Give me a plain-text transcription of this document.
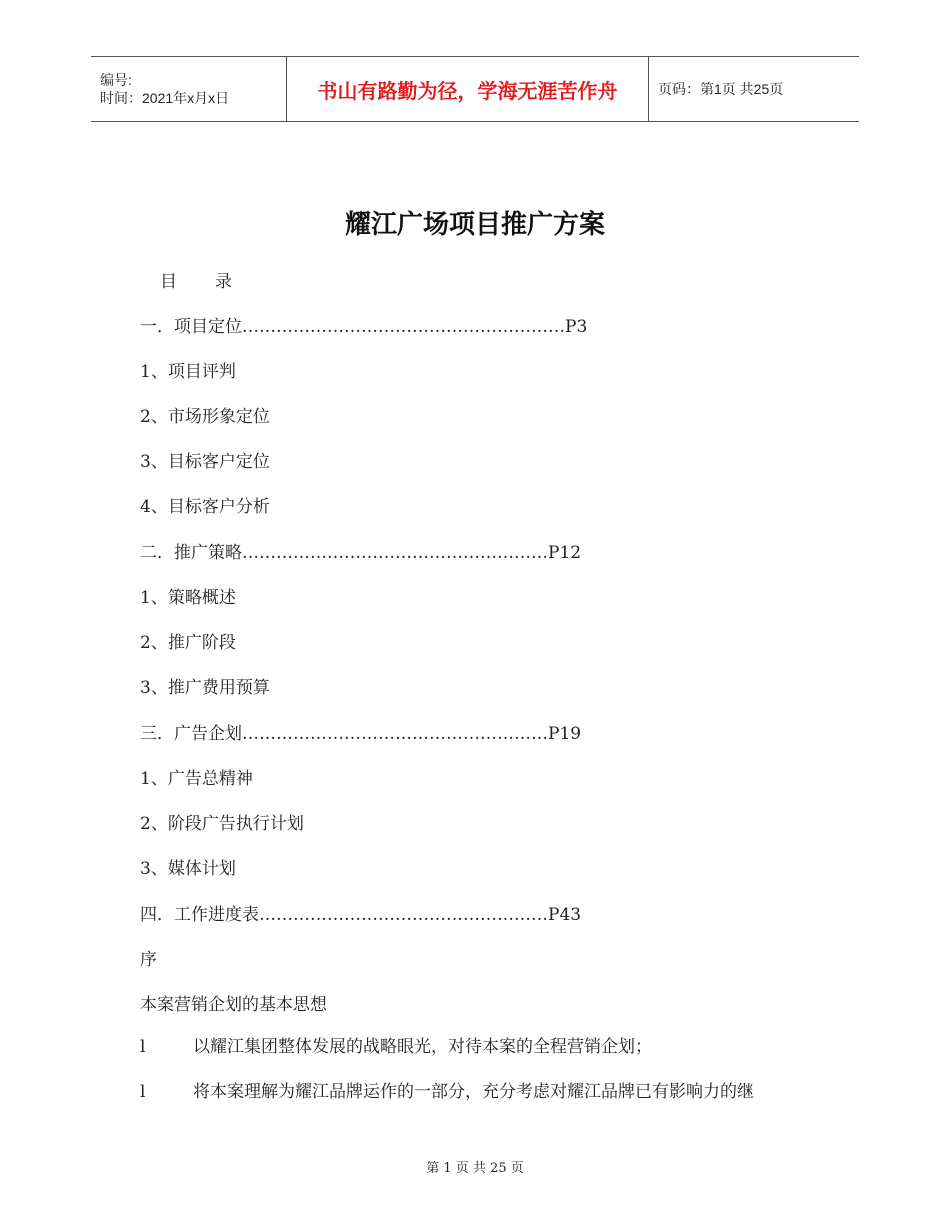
编号:
时间：2021年x月x日	书山有路勤为径，学海无涯苦作舟	页码：第1页 共25页
耀江广场项目推广方案
目 录
一．项目定位…………………………………………………P3
1、项目评判
2、市场形象定位
3、目标客户定位
4、目标客户分析
二．推广策略………………………………………………P12
1、策略概述
2、推广阶段
3、推广费用预算
三．广告企划………………………………………………P19
1、广告总精神
2、阶段广告执行计划
3、媒体计划
四．工作进度表……………………………………………P43
序
本案营销企划的基本思想
l	以耀江集团整体发展的战略眼光，对待本案的全程营销企划；
l	将本案理解为耀江品牌运作的一部分，充分考虑对耀江品牌已有影响力的继
第 1 页 共 25 页
